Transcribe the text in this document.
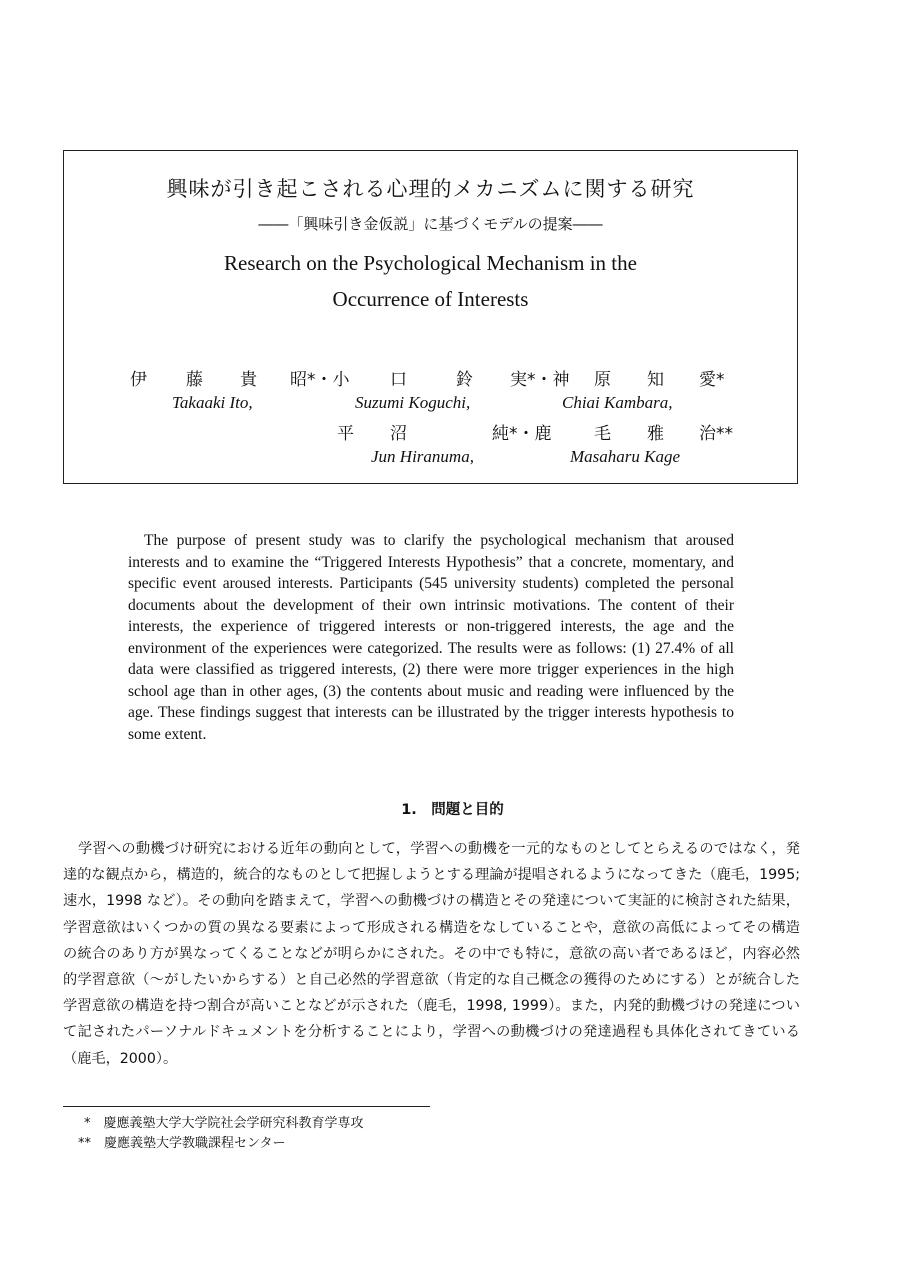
興味が引き起こされる心理的メカニズムに関する研究
――「興味引き金仮説」に基づくモデルの提案――
Research on the Psychological Mechanism in the
Occurrence of Interests
伊 藤 貴 昭*・小 口	鈴 実*・神 原 知 愛*
Takaaki Ito,	Suzumi Koguchi,	Chiai Kambara,
平 沼	純*・鹿	毛 雅 治**
Jun Hiranuma,	Masaharu Kage
The purpose of present study was to clarify the psychological mechanism that aroused interests and to examine the “Triggered Interests Hypothesis” that a concrete, momentary, and specific event aroused interests. Participants (545 university students) completed the personal documents about the development of their own intrinsic motivations. The content of their interests, the experience of triggered interests or non-triggered interests, the age and the environment of the experiences were categorized. The results were as follows: (1) 27.4% of all data were classified as triggered interests, (2) there were more trigger experiences in the high school age than in other ages, (3) the contents about music and reading were influenced by the age. These findings suggest that interests can be illustrated by the trigger interests hypothesis to some extent.
1.　問題と目的
学習への動機づけ研究における近年の動向として，学習への動機を一元的なものとしてとらえるのではなく，発達的な観点から，構造的，統合的なものとして把握しようとする理論が提唱されるようになってきた（鹿毛，1995; 速水，1998 など）。その動向を踏まえて，学習への動機づけの構造とその発達について実証的に検討された結果，学習意欲はいくつかの質の異なる要素によって形成される構造をなしていることや，意欲の高低によってその構造の統合のあり方が異なってくることなどが明らかにされた。その中でも特に，意欲の高い者であるほど，内容必然的学習意欲（～がしたいからする）と自己必然的学習意欲（肯定的な自己概念の獲得のためにする）とが統合した学習意欲の構造を持つ割合が高いことなどが示された（鹿毛，1998, 1999）。また，内発的動機づけの発達について記されたパーソナルドキュメントを分析することにより，学習への動機づけの発達過程も具体化されてきている（鹿毛，2000）。
*　慶應義塾大学大学院社会学研究科教育学専攻
**　慶應義塾大学教職課程センター
